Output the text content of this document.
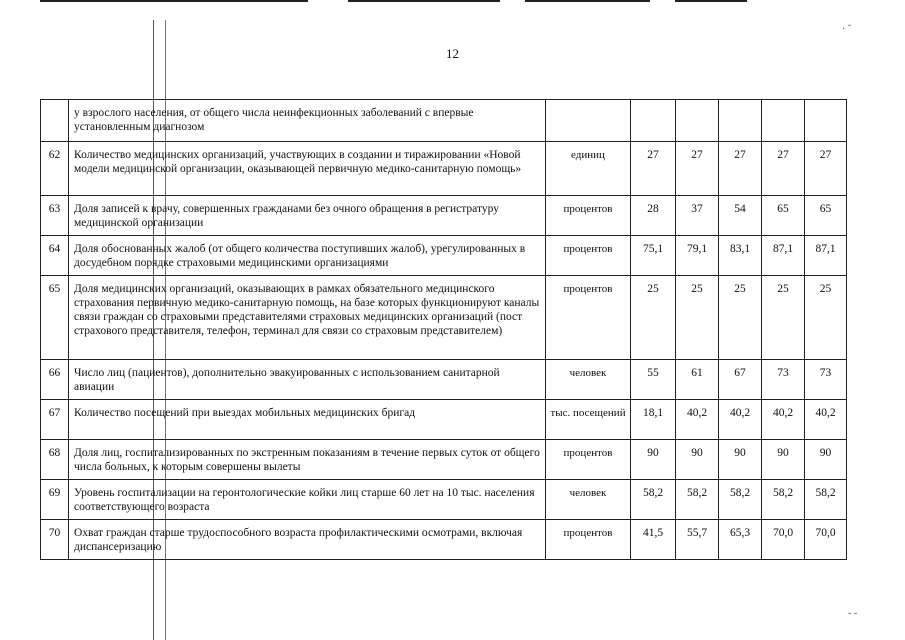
· ˘
˘ ˘
12
	у взрослого населения, от общего числа неинфекционных заболеваний с впервые установленным диагнозом						
62	Количество медицинских организаций, участвующих в создании и тиражировании «Новой модели медицинской организации, оказывающей первичную медико-санитарную помощь»	единиц	27	27	27	27	27
63	Доля записей к врачу, совершенных гражданами без очного обращения в регистратуру медицинской организации	процентов	28	37	54	65	65
64	Доля обоснованных жалоб (от общего количества поступивших жалоб), урегулированных в досудебном порядке страховыми медицинскими организациями	процентов	75,1	79,1	83,1	87,1	87,1
65	Доля медицинских организаций, оказывающих в рамках обязательного медицинского страхования первичную медико-санитарную помощь, на базе которых функционируют каналы связи граждан со страховыми представителями страховых медицинских организаций (пост страхового представителя, телефон, терминал для связи со страховым представителем)	процентов	25	25	25	25	25
66	Число лиц (пациентов), дополнительно эвакуированных с использованием санитарной авиации	человек	55	61	67	73	73
67	Количество посещений при выездах мобильных медицинских бригад	тыс. посещений	18,1	40,2	40,2	40,2	40,2
68	Доля лиц, госпитализированных по экстренным показаниям в течение первых суток от общего числа больных, к которым совершены вылеты	процентов	90	90	90	90	90
69	Уровень госпитализации на геронтологические койки лиц старше 60 лет на 10 тыс. населения соответствующего возраста	человек	58,2	58,2	58,2	58,2	58,2
70	Охват граждан старше трудоспособного возраста профилактическими осмотрами, включая диспансеризацию	процентов	41,5	55,7	65,3	70,0	70,0
